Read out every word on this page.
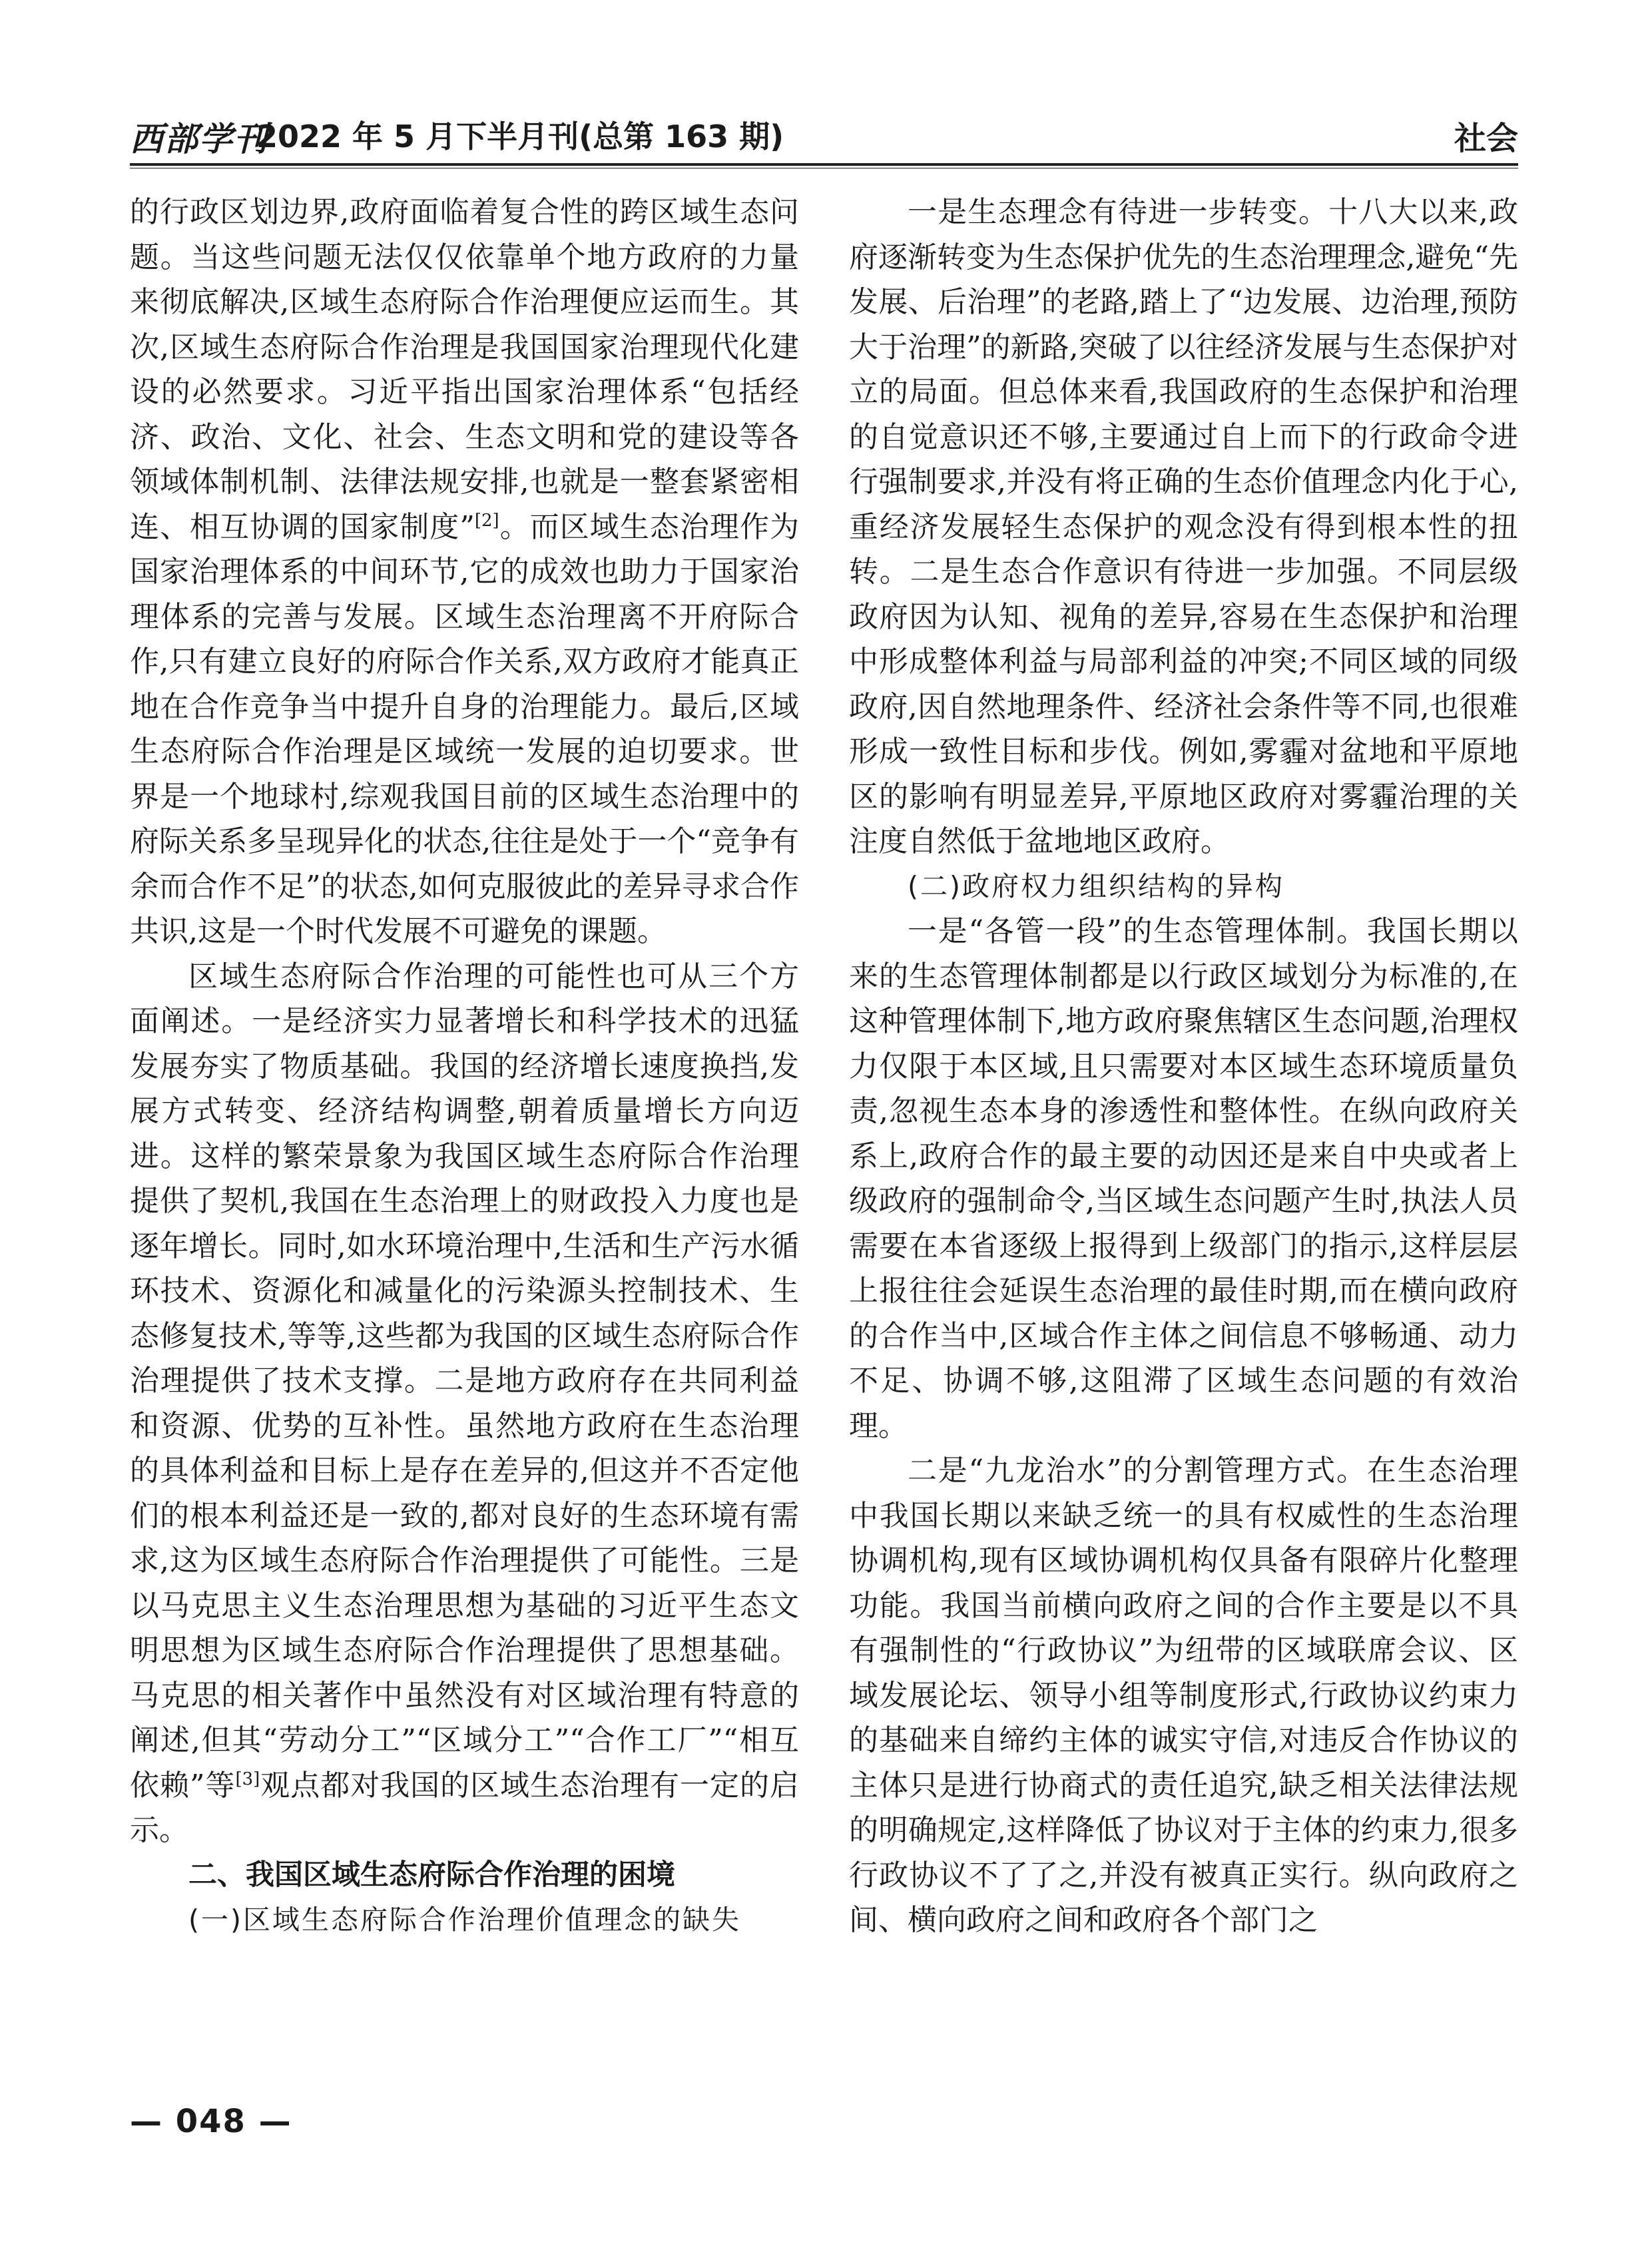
西部学刊
2022 年 5 月下半月刊(总第 163 期)	社会

的行政区划边界,政府面临着复合性的跨区域生态问题。当这些问题无法仅仅依靠单个地方政府的力量来彻底解决,区域生态府际合作治理便应运而生。其次,区域生态府际合作治理是我国国家治理现代化建设的必然要求。习近平指出国家治理体系“包括经济、政治、文化、社会、生态文明和党的建设等各领域体制机制、法律法规安排,也就是一整套紧密相连、相互协调的国家制度”[2]。而区域生态治理作为国家治理体系的中间环节,它的成效也助力于国家治理体系的完善与发展。区域生态治理离不开府际合作,只有建立良好的府际合作关系,双方政府才能真正地在合作竞争当中提升自身的治理能力。最后,区域生态府际合作治理是区域统一发展的迫切要求。世界是一个地球村,综观我国目前的区域生态治理中的府际关系多呈现异化的状态,往往是处于一个“竞争有余而合作不足”的状态,如何克服彼此的差异寻求合作共识,这是一个时代发展不可避免的课题。

区域生态府际合作治理的可能性也可从三个方面阐述。一是经济实力显著增长和科学技术的迅猛发展夯实了物质基础。我国的经济增长速度换挡,发展方式转变、经济结构调整,朝着质量增长方向迈进。这样的繁荣景象为我国区域生态府际合作治理提供了契机,我国在生态治理上的财政投入力度也是逐年增长。同时,如水环境治理中,生活和生产污水循环技术、资源化和减量化的污染源头控制技术、生态修复技术,等等,这些都为我国的区域生态府际合作治理提供了技术支撑。二是地方政府存在共同利益和资源、优势的互补性。虽然地方政府在生态治理的具体利益和目标上是存在差异的,但这并不否定他们的根本利益还是一致的,都对良好的生态环境有需求,这为区域生态府际合作治理提供了可能性。三是以马克思主义生态治理思想为基础的习近平生态文明思想为区域生态府际合作治理提供了思想基础。马克思的相关著作中虽然没有对区域治理有特意的阐述,但其“劳动分工”“区域分工”“合作工厂”“相互依赖”等[3]观点都对我国的区域生态治理有一定的启示。

二、我国区域生态府际合作治理的困境
(一)区域生态府际合作治理价值理念的缺失

一是生态理念有待进一步转变。十八大以来,政府逐渐转变为生态保护优先的生态治理理念,避免“先发展、后治理”的老路,踏上了“边发展、边治理,预防大于治理”的新路,突破了以往经济发展与生态保护对立的局面。但总体来看,我国政府的生态保护和治理的自觉意识还不够,主要通过自上而下的行政命令进行强制要求,并没有将正确的生态价值理念内化于心,重经济发展轻生态保护的观念没有得到根本性的扭转。二是生态合作意识有待进一步加强。不同层级政府因为认知、视角的差异,容易在生态保护和治理中形成整体利益与局部利益的冲突;不同区域的同级政府,因自然地理条件、经济社会条件等不同,也很难形成一致性目标和步伐。例如,雾霾对盆地和平原地区的影响有明显差异,平原地区政府对雾霾治理的关注度自然低于盆地地区政府。

(二)政府权力组织结构的异构

一是“各管一段”的生态管理体制。我国长期以来的生态管理体制都是以行政区域划分为标准的,在这种管理体制下,地方政府聚焦辖区生态问题,治理权力仅限于本区域,且只需要对本区域生态环境质量负责,忽视生态本身的渗透性和整体性。在纵向政府关系上,政府合作的最主要的动因还是来自中央或者上级政府的强制命令,当区域生态问题产生时,执法人员需要在本省逐级上报得到上级部门的指示,这样层层上报往往会延误生态治理的最佳时期,而在横向政府的合作当中,区域合作主体之间信息不够畅通、动力不足、协调不够,这阻滞了区域生态问题的有效治理。

二是“九龙治水”的分割管理方式。在生态治理中我国长期以来缺乏统一的具有权威性的生态治理协调机构,现有区域协调机构仅具备有限碎片化整理功能。我国当前横向政府之间的合作主要是以不具有强制性的“行政协议”为纽带的区域联席会议、区域发展论坛、领导小组等制度形式,行政协议约束力的基础来自缔约主体的诚实守信,对违反合作协议的主体只是进行协商式的责任追究,缺乏相关法律法规的明确规定,这样降低了协议对于主体的约束力,很多行政协议不了了之,并没有被真正实行。纵向政府之间、横向政府之间和政府各个部门之

— 048 —
